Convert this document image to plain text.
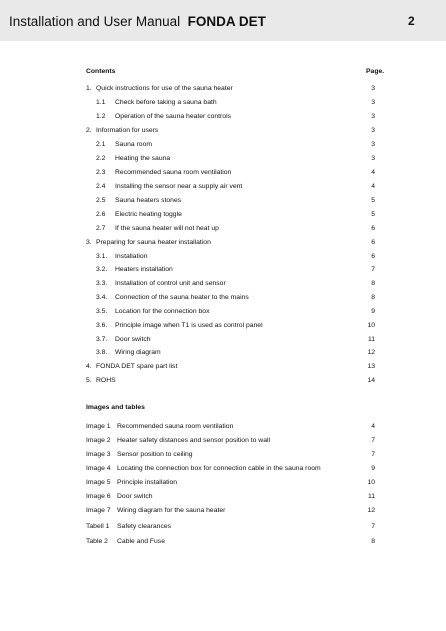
Installation and User Manual FONDA DET	2
Contents	Page.
1. Quick instructions for use of the sauna heater	3
1.1 Check before taking a sauna bath	3
1.2 Operation of the sauna heater controls	3
2. Information for users	3
2.1 Sauna room	3
2.2 Heating the sauna	3
2.3 Recommended sauna room ventilation	4
2.4 Installing the sensor near a supply air vent	4
2.5 Sauna heaters stones	5
2.6 Electric heating toggle	5
2.7 If the sauna heater will not heat up	6
3. Preparing for sauna heater installation	6
3.1. Installation	6
3.2. Heaters installation	7
3.3. Installation of control unit and sensor	8
3.4. Connection of the sauna heater to the mains	8
3.5. Location for the connection box	9
3.6. Principle image when T1 is used as control panel	10
3.7. Door switch	11
3.8. Wiring diagram	12
4. FONDA DET spare part list	13
5. ROHS	14
Images and tables
Image 1 Recommended sauna room ventilation	4
Image 2 Heater safety distances and sensor position to wall	7
Image 3 Sensor position to ceiling	7
Image 4 Locating the connection box for connection cable in the sauna room	9
Image 5 Principle installation	10
Image 6 Door switch	11
Image 7 Wiring diagram for the sauna heater	12
Tabell 1 Safety clearances	7
Table 2 Cable and Fuse	8
